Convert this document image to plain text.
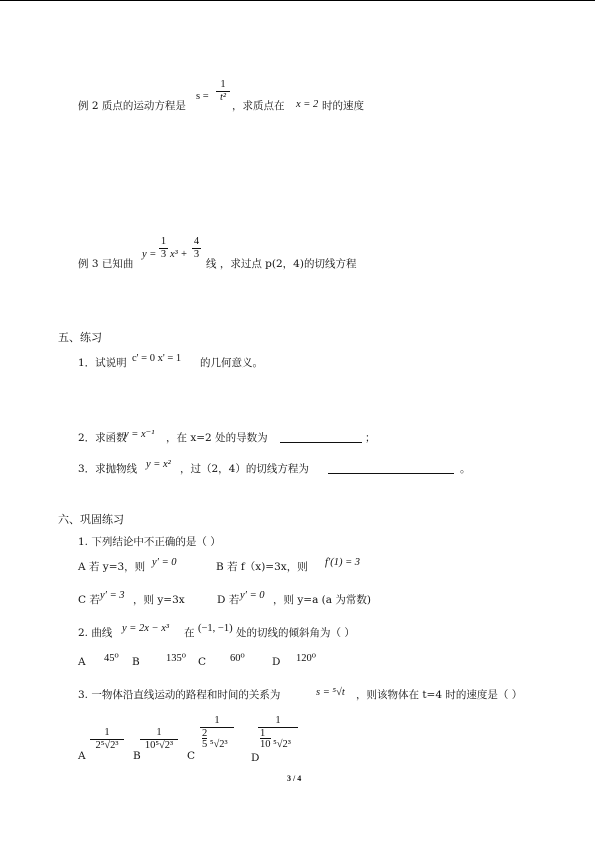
例 2 质点的运动方程是
s =
1
t²
，求质点在 x = 2 时的速度
例 3 已知曲
y =
1
3 x³ +
4
3
线 ，求过点 p(2，4)的切线方程
五、练习
1．试说明 c' = 0 x' = 1 的几何意义。
2．求函数
y = x⁻¹ ，在 x=2 处的导数为	；
3．求抛物线 y = x² ，过（2，4）的切线方程为	。
六、巩固练习
1. 下列结论中不正确的是（ ）
A 若 y=3，则 y′ = 0	B 若 f（x)=3x，则 f′(1) = 3
C 若 y′ = 3 ，则 y=3x	D 若 y′ = 0 ，则 y=a (a 为常数)
2. 曲线 y = 2x − x³ 在 (−1, −1) 处的切线的倾斜角为（ ）
A 45⁰ B	135⁰ C 60⁰	D 120⁰
3. 一物体沿直线运动的路程和时间的关系为	s = ⁵√t ，则该物体在 t=4 时的速度是（ ）
A
1
2⁵√2³
B
1
10⁵√2³
C
1
2
5 ⁵√2³
D
1
1
10 ⁵√2³
3 / 4
